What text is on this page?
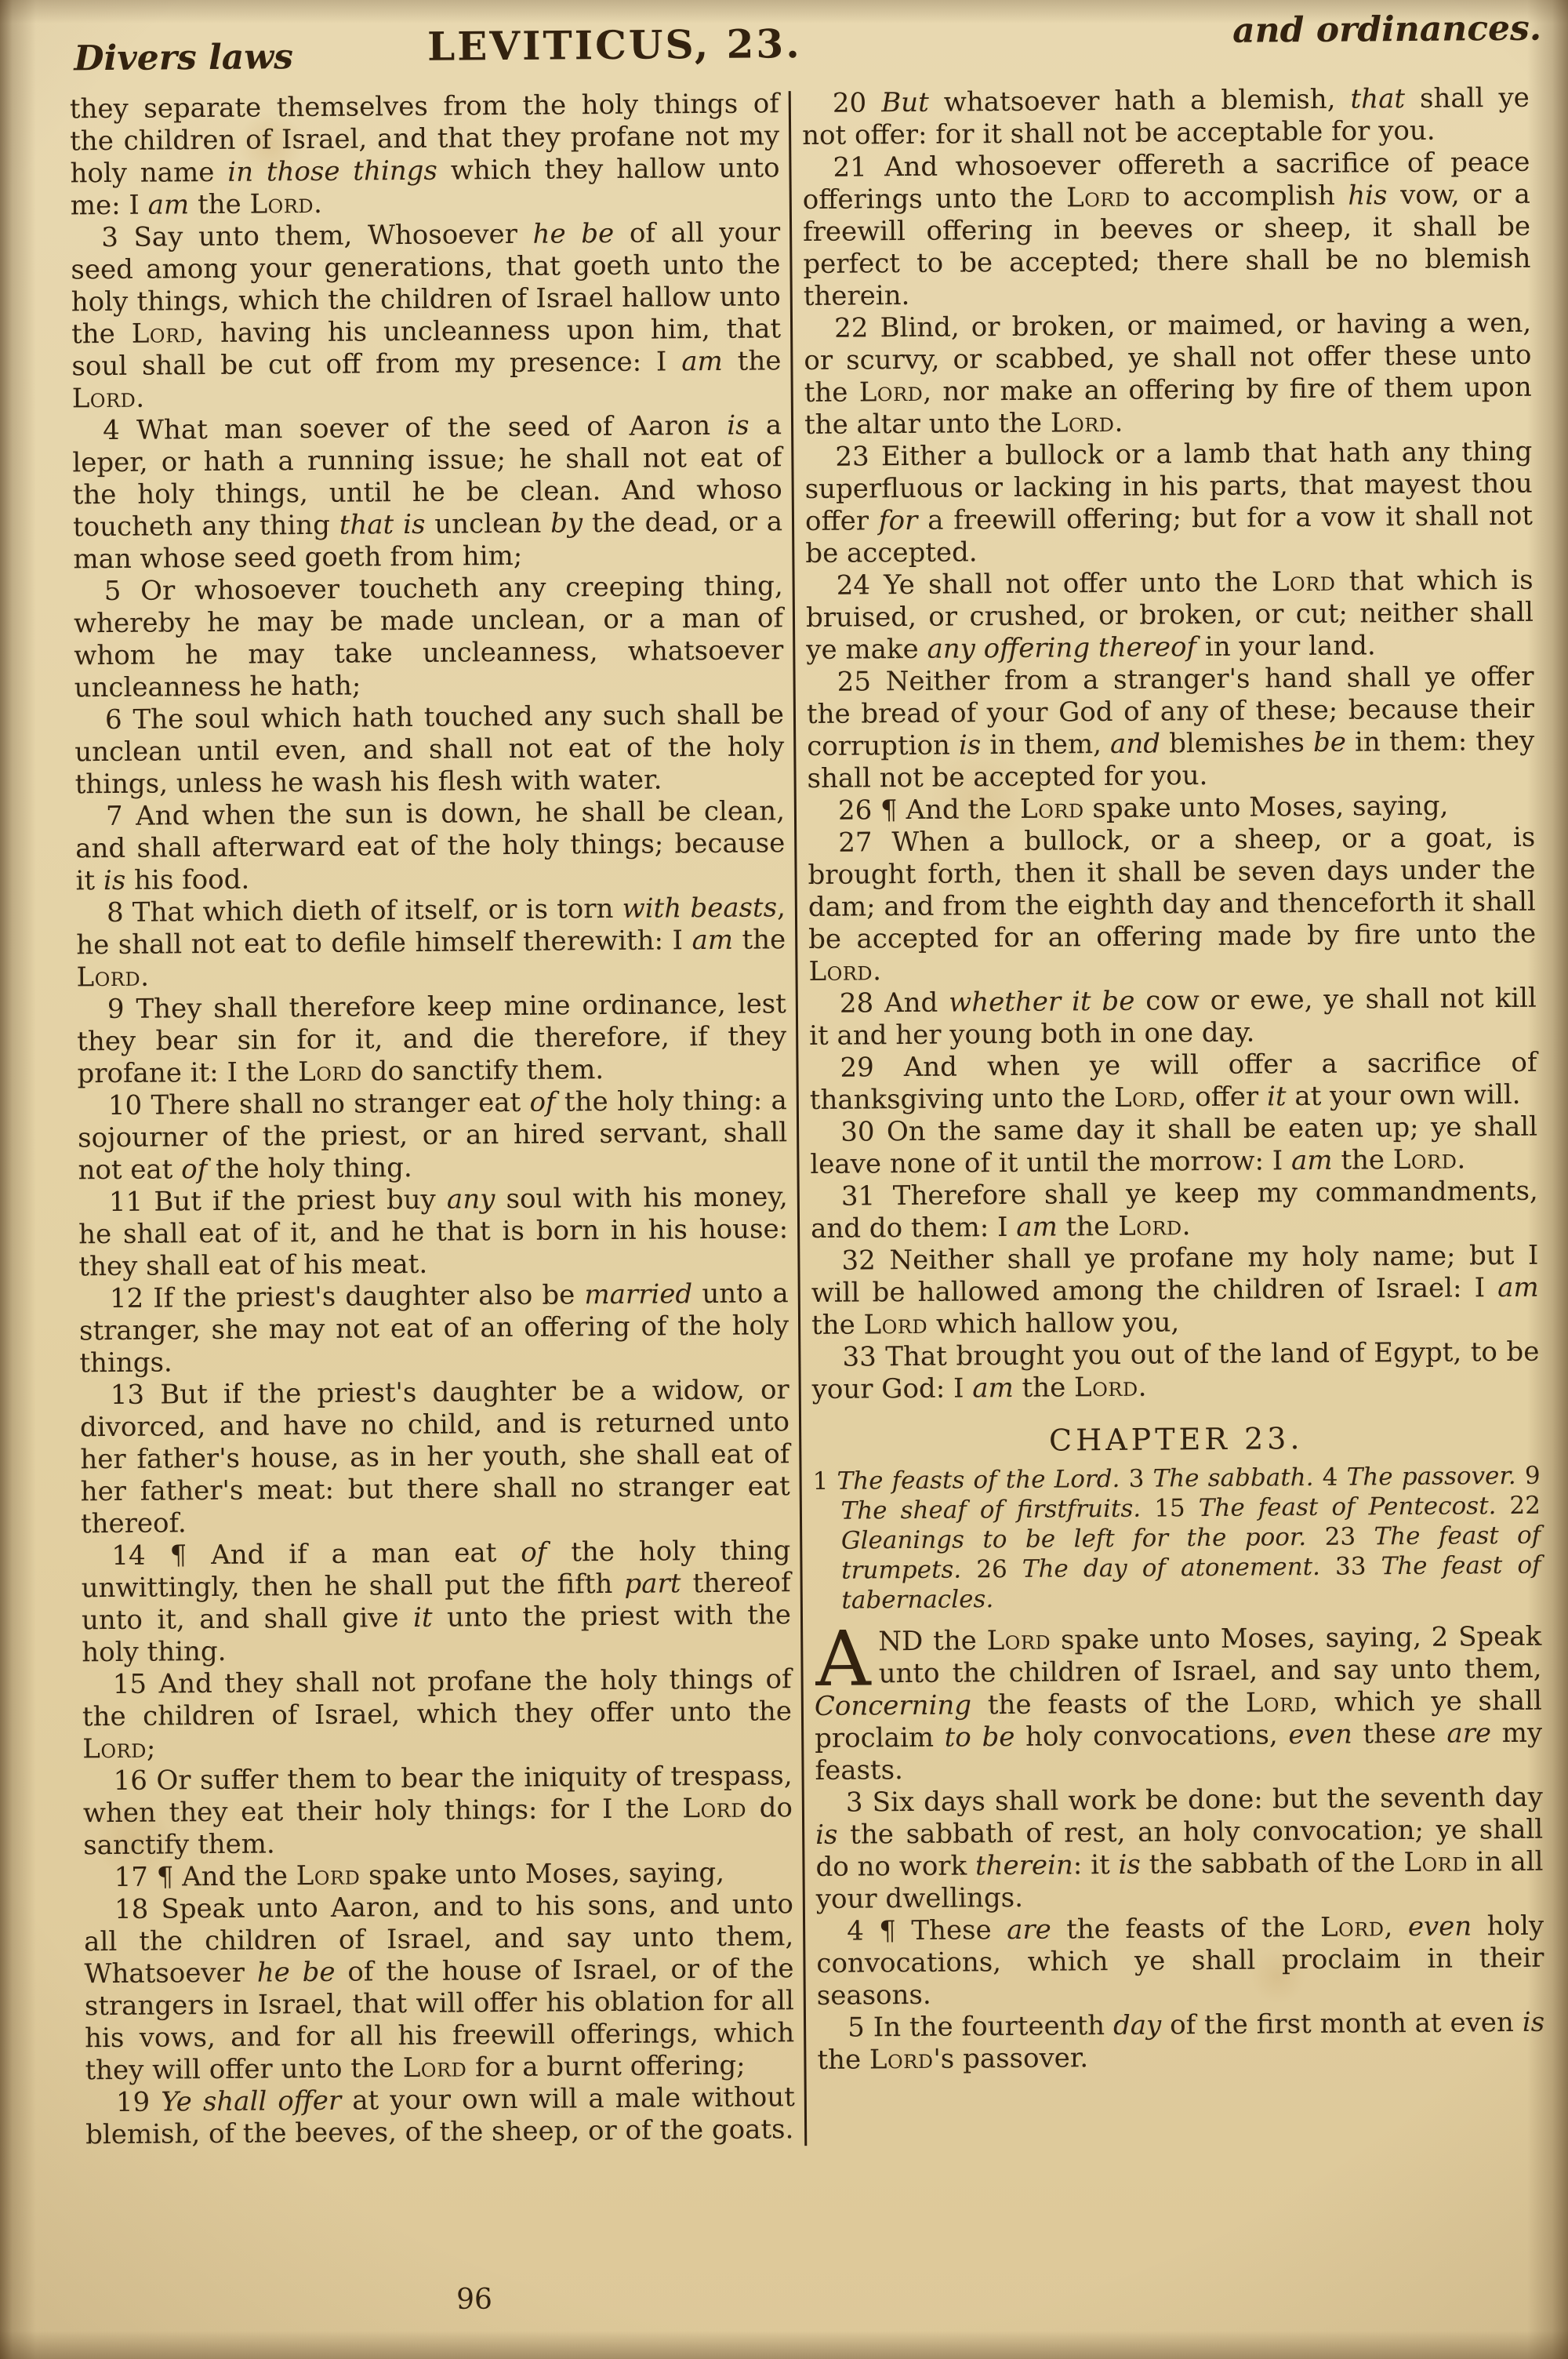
Divers laws	LEVITICUS, 23.	and ordinances.

they separate themselves from the holy things of the children of Israel, and that they profane not my holy name in those things which they hallow unto me: I am the Lord.

3 Say unto them, Whosoever he be of all your seed among your generations, that goeth unto the holy things, which the children of Israel hallow unto the Lord, having his uncleanness upon him, that soul shall be cut off from my presence: I am the Lord.

4 What man soever of the seed of Aaron is a leper, or hath a running issue; he shall not eat of the holy things, until he be clean. And whoso toucheth any thing that is unclean by the dead, or a man whose seed goeth from him;

5 Or whosoever toucheth any creeping thing, whereby he may be made unclean, or a man of whom he may take uncleanness, whatsoever uncleanness he hath;

6 The soul which hath touched any such shall be unclean until even, and shall not eat of the holy things, unless he wash his flesh with water.

7 And when the sun is down, he shall be clean, and shall afterward eat of the holy things; because it is his food.

8 That which dieth of itself, or is torn with beasts, he shall not eat to defile himself therewith: I am the Lord.

9 They shall therefore keep mine ordinance, lest they bear sin for it, and die therefore, if they profane it: I the Lord do sanctify them.

10 There shall no stranger eat of the holy thing: a sojourner of the priest, or an hired servant, shall not eat of the holy thing.

11 But if the priest buy any soul with his money, he shall eat of it, and he that is born in his house: they shall eat of his meat.

12 If the priest's daughter also be married unto a stranger, she may not eat of an offering of the holy things.

13 But if the priest's daughter be a widow, or divorced, and have no child, and is returned unto her father's house, as in her youth, she shall eat of her father's meat: but there shall no stranger eat thereof.

14 ¶ And if a man eat of the holy thing unwittingly, then he shall put the fifth part thereof unto it, and shall give it unto the priest with the holy thing.

15 And they shall not profane the holy things of the children of Israel, which they offer unto the Lord;

16 Or suffer them to bear the iniquity of trespass, when they eat their holy things: for I the Lord do sanctify them.

17 ¶ And the Lord spake unto Moses, saying,

18 Speak unto Aaron, and to his sons, and unto all the children of Israel, and say unto them, Whatsoever he be of the house of Israel, or of the strangers in Israel, that will offer his oblation for all his vows, and for all his freewill offerings, which they will offer unto the Lord for a burnt offering;

19 Ye shall offer at your own will a male without blemish, of the beeves, of the sheep, or of the goats.

20 But whatsoever hath a blemish, that shall ye not offer: for it shall not be acceptable for you.

21 And whosoever offereth a sacrifice of peace offerings unto the Lord to accomplish his vow, or a freewill offering in beeves or sheep, it shall be perfect to be accepted; there shall be no blemish therein.

22 Blind, or broken, or maimed, or having a wen, or scurvy, or scabbed, ye shall not offer these unto the Lord, nor make an offering by fire of them upon the altar unto the Lord.

23 Either a bullock or a lamb that hath any thing superfluous or lacking in his parts, that mayest thou offer for a freewill offering; but for a vow it shall not be accepted.

24 Ye shall not offer unto the Lord that which is bruised, or crushed, or broken, or cut; neither shall ye make any offering thereof in your land.

25 Neither from a stranger's hand shall ye offer the bread of your God of any of these; because their corruption is in them, and blemishes be in them: they shall not be accepted for you.

26 ¶ And the Lord spake unto Moses, saying,

27 When a bullock, or a sheep, or a goat, is brought forth, then it shall be seven days under the dam; and from the eighth day and thenceforth it shall be accepted for an offering made by fire unto the Lord.

28 And whether it be cow or ewe, ye shall not kill it and her young both in one day.

29 And when ye will offer a sacrifice of thanksgiving unto the Lord, offer it at your own will.

30 On the same day it shall be eaten up; ye shall leave none of it until the morrow: I am the Lord.

31 Therefore shall ye keep my commandments, and do them: I am the Lord.

32 Neither shall ye profane my holy name; but I will be hallowed among the children of Israel: I am the Lord which hallow you,

33 That brought you out of the land of Egypt, to be your God: I am the Lord.

CHAPTER 23.

1 The feasts of the Lord. 3 The sabbath. 4 The passover. 9 The sheaf of firstfruits. 15 The feast of Pentecost. 22 Gleanings to be left for the poor. 23 The feast of trumpets. 26 The day of atonement. 33 The feast of tabernacles.

AND the Lord spake unto Moses, saying, 2 Speak unto the children of Israel, and say unto them, Concerning the feasts of the Lord, which ye shall proclaim to be holy convocations, even these are my feasts.

3 Six days shall work be done: but the seventh day is the sabbath of rest, an holy convocation; ye shall do no work therein: it is the sabbath of the Lord in all your dwellings.

4 ¶ These are the feasts of the Lord, even holy convocations, which ye shall proclaim in their seasons.

5 In the fourteenth day of the first month at even is the Lord's passover.

96
